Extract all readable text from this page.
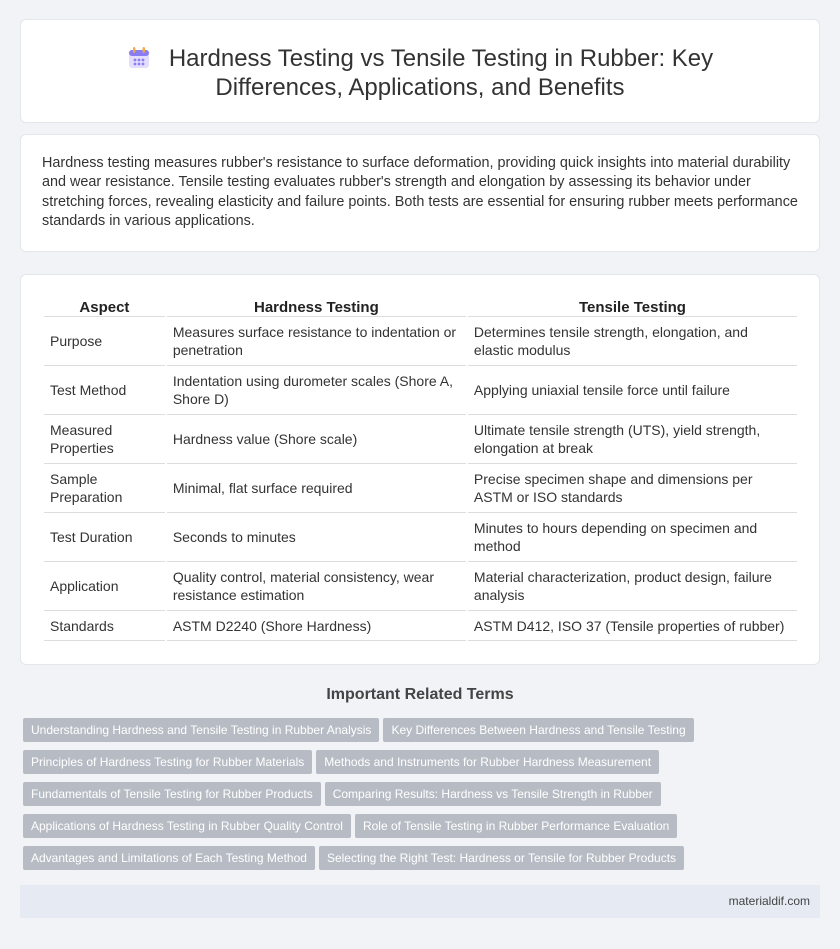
Hardness Testing vs Tensile Testing in Rubber: Key Differences, Applications, and Benefits

Hardness testing measures rubber's resistance to surface deformation, providing quick insights into material durability and wear resistance. Tensile testing evaluates rubber's strength and elongation by assessing its behavior under stretching forces, revealing elasticity and failure points. Both tests are essential for ensuring rubber meets performance standards in various applications.

Aspect	Hardness Testing	Tensile Testing
Purpose	Measures surface resistance to indentation or penetration	Determines tensile strength, elongation, and elastic modulus
Test Method	Indentation using durometer scales (Shore A, Shore D)	Applying uniaxial tensile force until failure
Measured Properties	Hardness value (Shore scale)	Ultimate tensile strength (UTS), yield strength, elongation at break
Sample Preparation	Minimal, flat surface required	Precise specimen shape and dimensions per ASTM or ISO standards
Test Duration	Seconds to minutes	Minutes to hours depending on specimen and method
Application	Quality control, material consistency, wear resistance estimation	Material characterization, product design, failure analysis
Standards	ASTM D2240 (Shore Hardness)	ASTM D412, ISO 37 (Tensile properties of rubber)
Important Related Terms
Understanding Hardness and Tensile Testing in Rubber Analysis Key Differences Between Hardness and Tensile Testing
Principles of Hardness Testing for Rubber Materials Methods and Instruments for Rubber Hardness Measurement
Fundamentals of Tensile Testing for Rubber Products Comparing Results: Hardness vs Tensile Strength in Rubber
Applications of Hardness Testing in Rubber Quality Control Role of Tensile Testing in Rubber Performance Evaluation
Advantages and Limitations of Each Testing Method Selecting the Right Test: Hardness or Tensile for Rubber Products
materialdif.com
